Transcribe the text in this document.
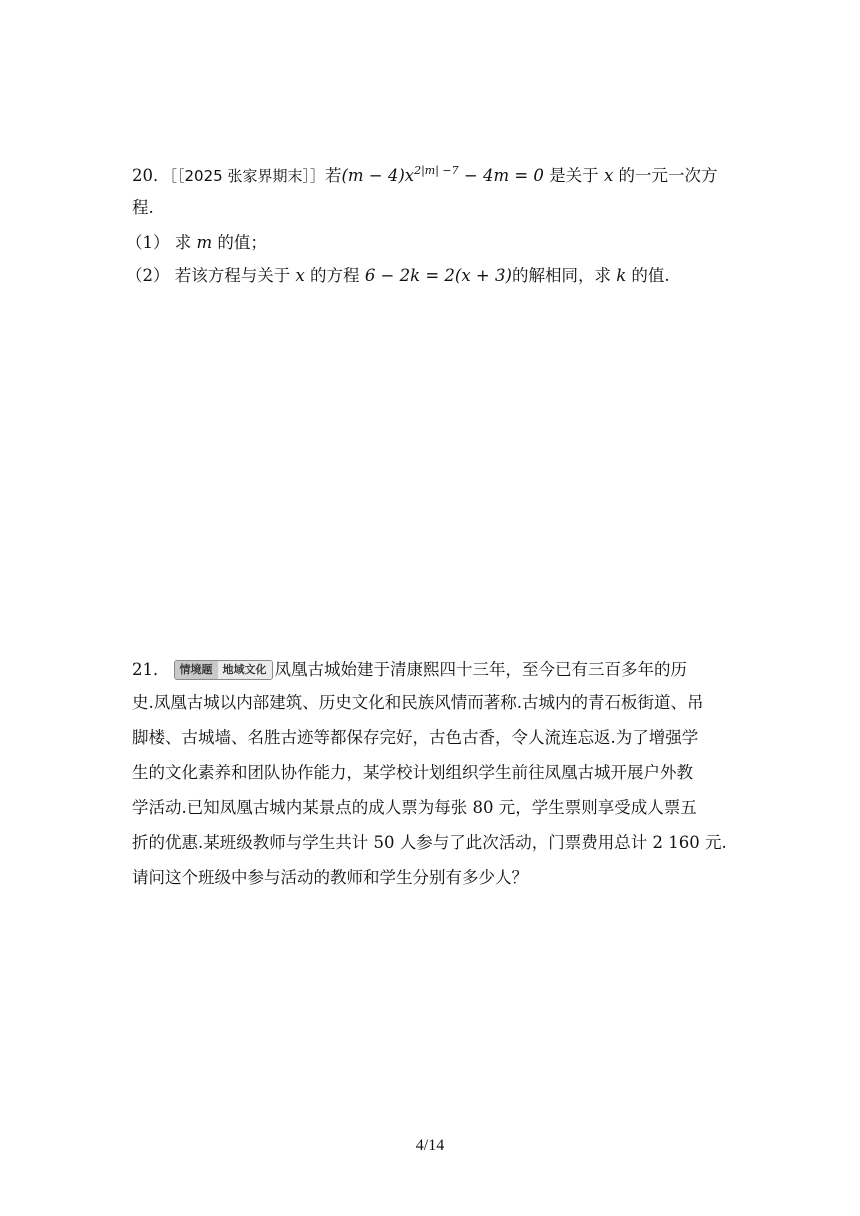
20．［［2025 张家界期末］］若$(m - 4)x^{2|m| -7} - 4m = 0$ 是关于 x 的一元一次方
程.
（1） 求 m 的值；
（2） 若该方程与关于 x 的方程 6 − 2k = 2(x + 3)的解相同，求 k 的值.
21． 情境题 地域文化 凤凰古城始建于清康熙四十三年，至今已有三百多年的历
史.凤凰古城以内部建筑、历史文化和民族风情而著称.古城内的青石板街道、吊
脚楼、古城墙、名胜古迹等都保存完好，古色古香，令人流连忘返.为了增强学
生的文化素养和团队协作能力，某学校计划组织学生前往凤凰古城开展户外教
学活动.已知凤凰古城内某景点的成人票为每张 80 元，学生票则享受成人票五
折的优惠.某班级教师与学生共计 50 人参与了此次活动，门票费用总计 2 160 元.
请问这个班级中参与活动的教师和学生分别有多少人？
4/14
